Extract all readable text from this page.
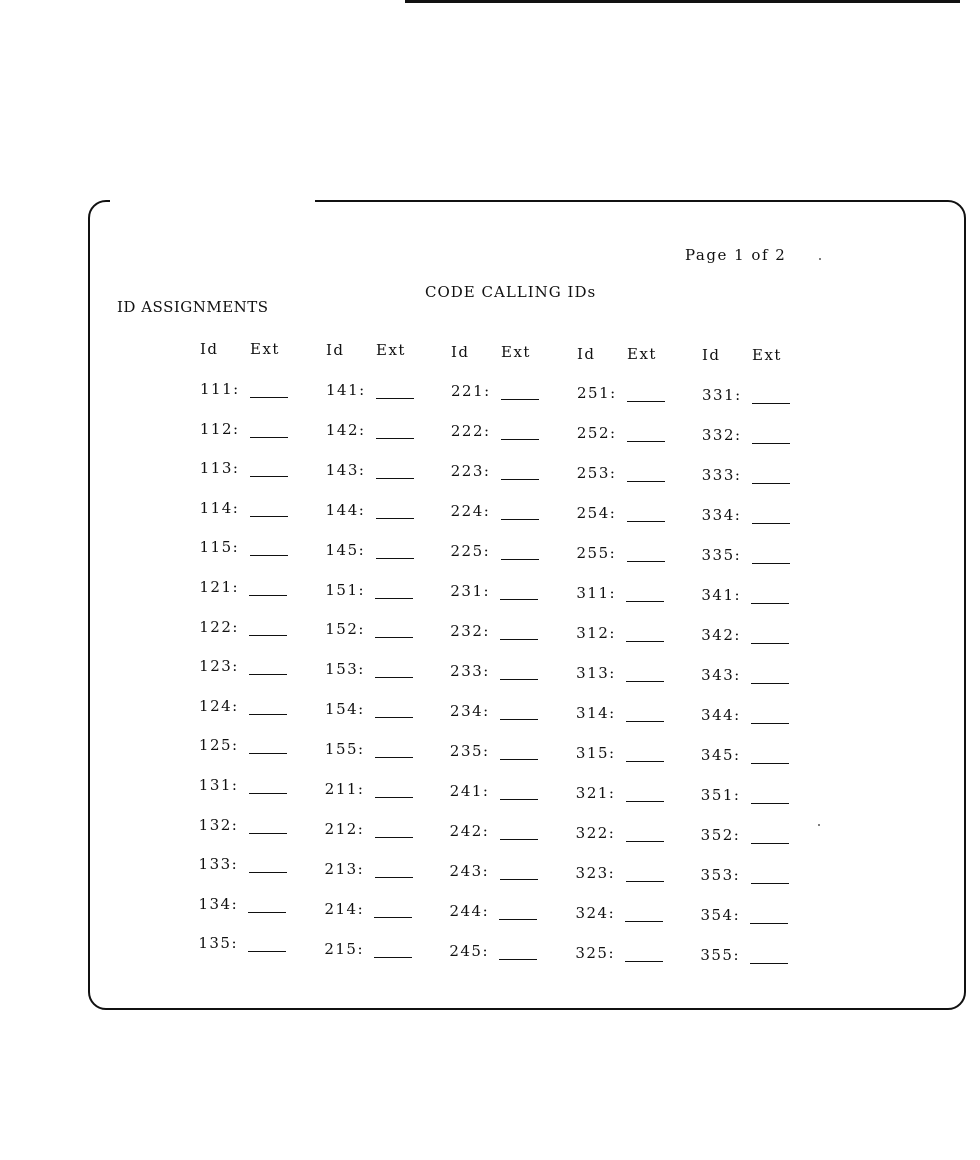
Page 1 of 2
CODE CALLING IDs
ID ASSIGNMENTS
Id Ext
111:
112:
113:
114:
115:
121:
122:
123:
124:
125:
131:
132:
133:
134:
135:
Id Ext
141:
142:
143:
144:
145:
151:
152:
153:
154:
155:
211:
212:
213:
214:
215:
Id Ext
221:
222:
223:
224:
225:
231:
232:
233:
234:
235:
241:
242:
243:
244:
245:
Id Ext
251:
252:
253:
254:
255:
311:
312:
313:
314:
315:
321:
322:
323:
324:
325:
Id Ext
331:
332:
333:
334:
335:
341:
342:
343:
344:
345:
351:
352:
353:
354:
355:
